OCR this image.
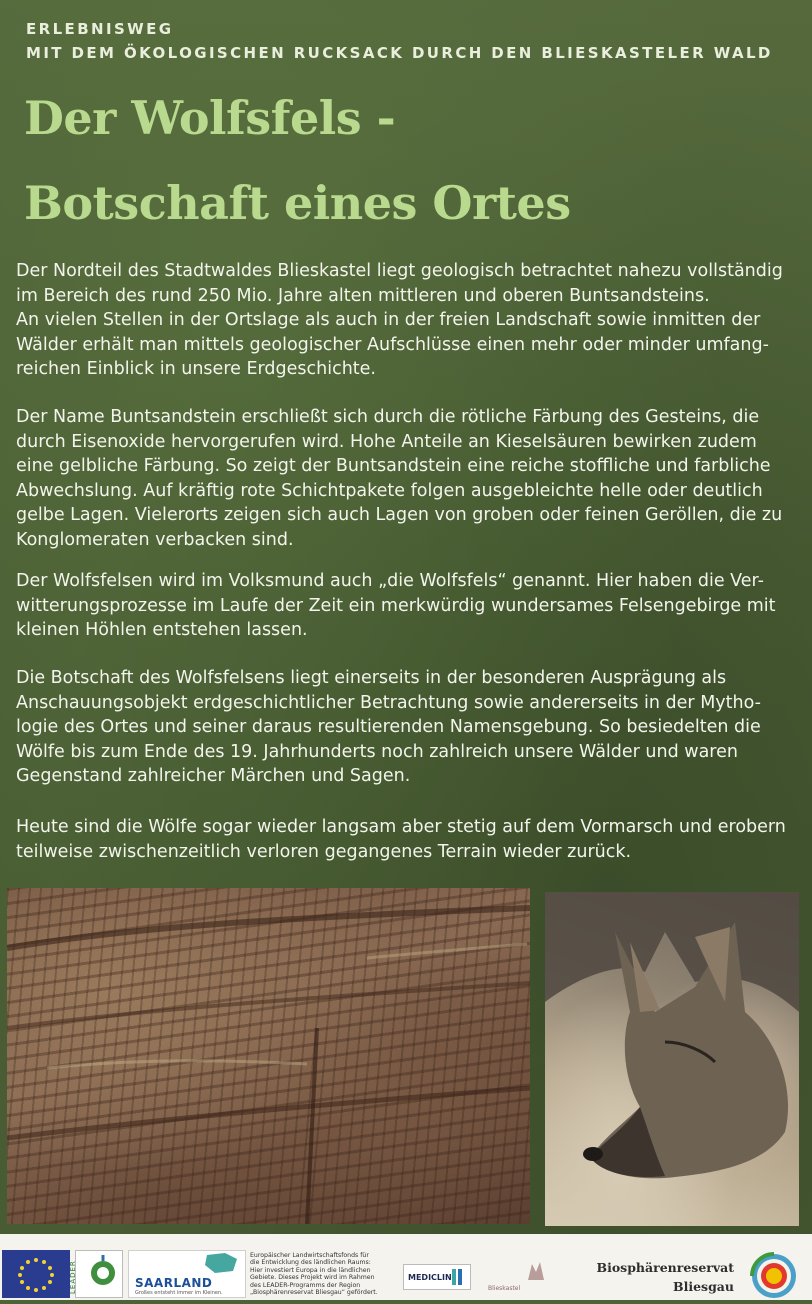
ERLEBNISWEG
MIT DEM ÖKOLOGISCHEN RUCKSACK DURCH DEN BLIESKASTELER WALD
Der Wolfsfels -
Botschaft eines Ortes
Der Nordteil des Stadtwaldes Blieskastel liegt geologisch betrachtet nahezu vollständig
im Bereich des rund 250 Mio. Jahre alten mittleren und oberen Buntsandsteins.
An vielen Stellen in der Ortslage als auch in der freien Landschaft sowie inmitten der
Wälder erhält man mittels geologischer Aufschlüsse einen mehr oder minder umfang-
reichen Einblick in unsere Erdgeschichte.
Der Name Buntsandstein erschließt sich durch die rötliche Färbung des Gesteins, die
durch Eisenoxide hervorgerufen wird. Hohe Anteile an Kieselsäuren bewirken zudem
eine gelbliche Färbung. So zeigt der Buntsandstein eine reiche stoffliche und farbliche
Abwechslung. Auf kräftig rote Schichtpakete folgen ausgebleichte helle oder deutlich
gelbe Lagen. Vielerorts zeigen sich auch Lagen von groben oder feinen Geröllen, die zu
Konglomeraten verbacken sind.
Der Wolfsfelsen wird im Volksmund auch „die Wolfsfels“ genannt. Hier haben die Ver-
witterungsprozesse im Laufe der Zeit ein merkwürdig wundersames Felsengebirge mit
kleinen Höhlen entstehen lassen.
Die Botschaft des Wolfsfelsens liegt einerseits in der besonderen Ausprägung als
Anschauungsobjekt erdgeschichtlicher Betrachtung sowie andererseits in der Mytho-
logie des Ortes und seiner daraus resultierenden Namensgebung. So besiedelten die
Wölfe bis zum Ende des 19. Jahrhunderts noch zahlreich unsere Wälder und waren
Gegenstand zahlreicher Märchen und Sagen.
Heute sind die Wölfe sogar wieder langsam aber stetig auf dem Vormarsch und erobern
teilweise zwischenzeitlich verloren gegangenes Terrain wieder zurück.
LEADER	SAARLAND
Großes entsteht immer im Kleinen.
Europäischer Landwirtschaftsfonds für
die Entwicklung des ländlichen Raums:
Hier investiert Europa in die ländlichen
Gebiete. Dieses Projekt wird im Rahmen
des LEADER-Programms der Region
„Biosphärenreservat Bliesgau“ gefördert.
MEDICLIN
Blieskastel
Biosphärenreservat
Bliesgau
